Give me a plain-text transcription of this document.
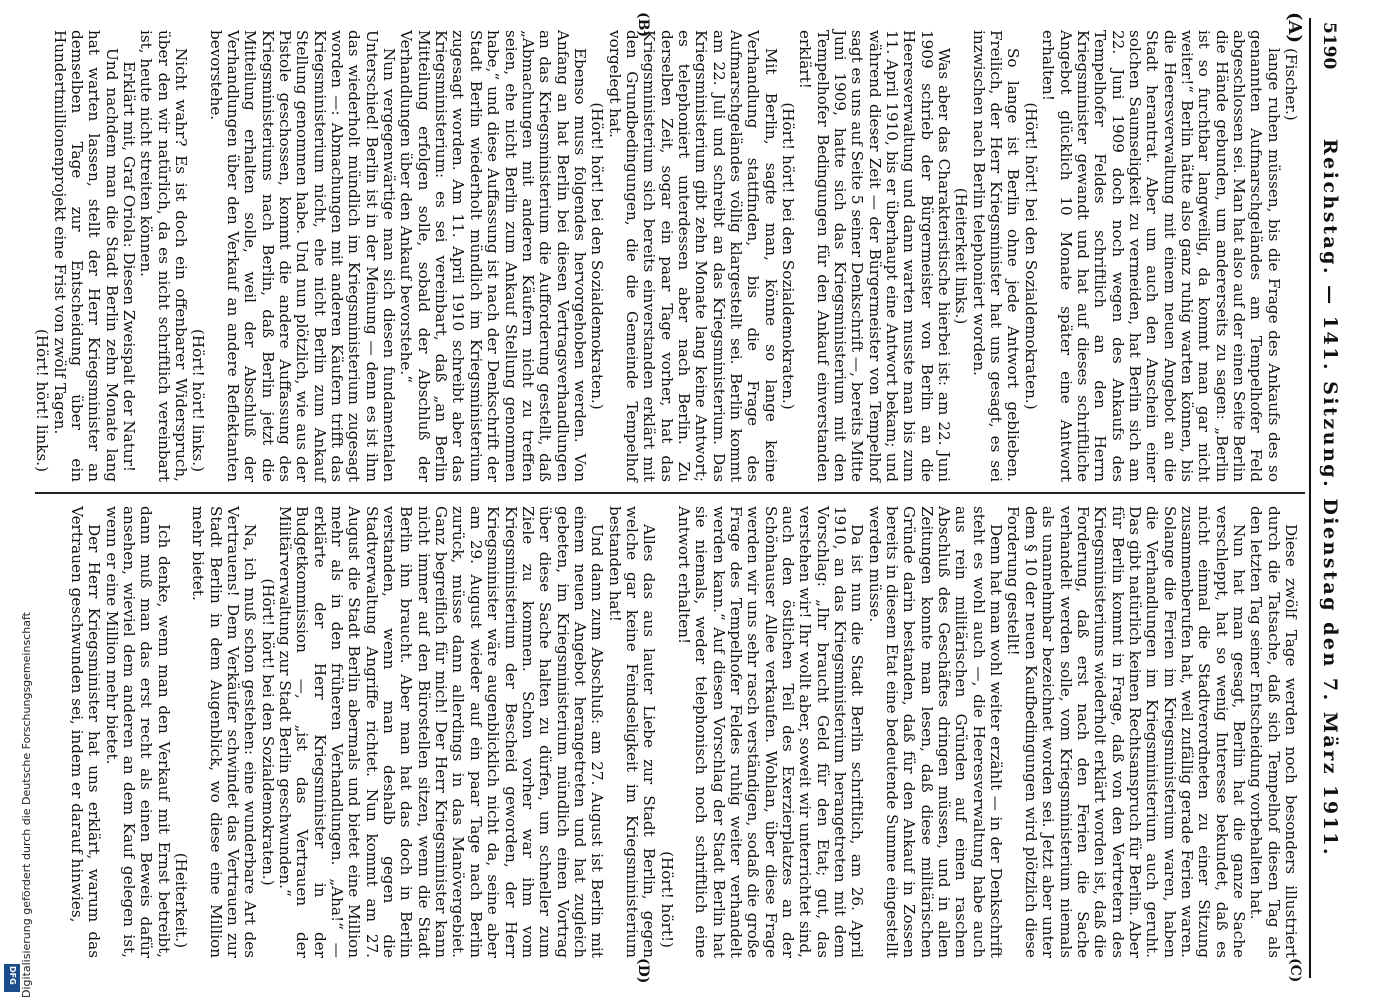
Digitalisierung gefördert durch die Deutsche Forschungsgemeinschaft
DFG
5190
Reichstag. — 141. Sitzung. Dienstag den 7. März 1911.
(A)
(B)
(C)
(D)

(Fischer.)

lange ruhen müssen, bis die Frage des Ankaufs des so genannten Aufmarschgeländes am Tempelhofer Feld abgeschlossen sei. Man hat also auf der einen Seite Berlin die Hände gebunden, um andererseits zu sagen: „Berlin ist so furchtbar langweilig, da kommt man gar nicht weiter!“ Berlin hätte also ganz ruhig warten können, bis die Heeresverwaltung mit einem neuen Angebot an die Stadt herantrat. Aber um auch den Anschein einer solchen Saumseligkeit zu vermeiden, hat Berlin sich am 22. Juni 1909 doch noch wegen des Ankaufs des Tempelhofer Feldes schriftlich an den Herrn Kriegsminister gewandt und hat auf dieses schriftliche Angebot glücklich 10 Monate später eine Antwort erhalten!

(Hört! hört! bei den Sozialdemokraten.)

So lange ist Berlin ohne jede Antwort geblieben. Freilich, der Herr Kriegsminister hat uns gesagt, es sei inzwischen nach Berlin telephoniert worden.

(Heiterkeit links.)

Was aber das Charakteristische hierbei ist: am 22. Juni 1909 schrieb der Bürgermeister von Berlin an die Heeresverwaltung und dann warten musste man bis zum 11. April 1910, bis er überhaupt eine Antwort bekam; und während dieser Zeit — der Bürgermeister von Tempelhof sagt es uns auf Seite 5 seiner Denkschrift —, bereits Mitte Juni 1909, hatte sich das Kriegsministerium mit den Tempelhofer Bedingungen für den Ankauf einverstanden erklärt!

(Hört! hört! bei den Sozialdemokraten.)

Mit Berlin, sagte man, könne so lange keine Verhandlung stattfinden, bis die Frage des Aufmarschgeländes völlig klargestellt sei. Berlin kommt am 22. Juli und schreibt an das Kriegsministerium. Das Kriegsministerium gibt zehn Monate lang keine Antwort; es telephoniert unterdessen aber nach Berlin. Zu derselben Zeit, sogar ein paar Tage vorher, hat das Kriegsministerium sich bereits einverstanden erklärt mit den Grundbedingungen, die die Gemeinde Tempelhof vorgelegt hat.

(Hört! hört! bei den Sozialdemokraten.)

Ebenso muss folgendes hervorgehoben werden. Von Anfang an hat Berlin bei diesen Vertragsverhandlungen an das Kriegsministerium die Aufforderung gestellt, daß „Abmachungen mit anderen Käufern nicht zu treffen seien, ehe nicht Berlin zum Ankauf Stellung genommen habe,“ und diese Auffassung ist nach der Denkschrift der Stadt Berlin wiederholt mündlich im Kriegsministerium zugesagt worden. Am 11. April 1910 schreibt aber das Kriegsministerium: es sei vereinbart, daß „an Berlin Mitteilung erfolgen solle, sobald der Abschluß der Verhandlungen über den Ankauf bevorstehe.“

Nun vergegenwärtige man sich diesen fundamentalen Unterschied! Berlin ist in der Meinung — denn es ist ihm das wiederholt mündlich im Kriegsministerium zugesagt worden —: Abmachungen mit anderen Käufern trifft das Kriegsministerium nicht, ehe nicht Berlin zum Ankauf Stellung genommen habe. Und nun plötzlich, wie aus der Pistole geschossen, kommt die andere Auffassung des Kriegsministeriums nach Berlin, daß Berlin jetzt die Mitteilung erhalten solle, weil der Abschluß der Verhandlungen über den Verkauf an andere Reflektanten bevorstehe.

(Hört! hört! links.)

Nicht wahr? Es ist doch ein offenbarer Widerspruch, über den wir natürlich, da es nicht schriftlich vereinbart ist, heute nicht streiten können.

Erklärt mit, Graf Oriola: Diesen Zweispalt der Natur!

Und nachdem man die Stadt Berlin zehn Monate lang hat warten lassen, stellt der Herr Kriegsminister an demselben Tage zur Entscheidung über ein Hundertmillionenprojekt eine Frist von zwölf Tagen.

(Hört! hört! links.)

Diese zwölf Tage werden noch besonders illustriert durch die Tatsache, daß sich Tempelhof diesen Tag als den letzten Tag seiner Entscheidung vorbehalten hat.

Nun hat man gesagt, Berlin hat die ganze Sache verschleppt, hat so wenig Interesse bekundet, daß es nicht einmal die Stadtverordneten zu einer Sitzung zusammenberufen hat, weil zufällig gerade Ferien waren. Solange die Ferien im Kriegsministerium waren, haben die Verhandlungen im Kriegsministerium auch geruht. Das gibt natürlich keinen Rechtsanspruch für Berlin. Aber für Berlin kommt in Frage, daß von den Vertretern des Kriegsministeriums wiederholt erklärt worden ist, daß die Forderung, daß erst nach den Ferien die Sache verhandelt werden solle, vom Kriegsministerium niemals als unannehmbar bezeichnet worden sei. Jetzt aber unter dem § 10 der neuen Kaufbedingungen wird plötzlich diese Forderung gestellt!

Denn hat man wohl weiter erzählt — in der Denkschrift steht es wohl auch —, die Heeresverwaltung habe auch aus rein militärischen Gründen auf einen raschen Abschluß des Geschäftes dringen müssen, und in allen Zeitungen konnte man lesen, daß diese militärischen Gründe darin bestanden, daß für den Ankauf in Zossen bereits in diesem Etat eine bedeutende Summe eingestellt werden müsse.

Da ist nun die Stadt Berlin schriftlich, am 26. April 1910, an das Kriegsministerium herangetreten mit dem Vorschlag: „Ihr braucht Geld für den Etat; gut, das verstehen wir! Ihr wollt aber, soweit wir unterrichtet sind, auch den östlichen Teil des Exerzierplatzes an der Schönhauser Allee verkaufen. Wohlan, über diese Frage werden wir uns sehr rasch verständigen, sodaß die große Frage des Tempelhofer Feldes ruhig weiter verhandelt werden kann.“ Auf diesen Vorschlag der Stadt Berlin hat sie niemals, weder telephonisch noch schriftlich eine Antwort erhalten!

(Hört! hört!)

Alles das aus lauter Liebe zur Stadt Berlin, gegen welche gar keine Feindseligkeit im Kriegsministerium bestanden hat!

Und dann zum Abschluß: am 27. August ist Berlin mit einem neuen Angebot herangetreten und hat zugleich gebeten, im Kriegsministerium mündlich einen Vortrag über diese Sache halten zu dürfen, um schneller zum Ziele zu kommen. Schon vorher war ihm vom Kriegsministerium der Bescheid geworden, der Herr Kriegsminister wäre augenblicklich nicht da, seine aber am 29. August wieder auf ein paar Tage nach Berlin zurück, müsse dann allerdings in das Manövergebiet. Ganz begreiflich für mich! Der Herr Kriegsminister kann nicht immer auf den Bürostellen sitzen, wenn die Stadt Berlin ihn braucht. Aber man hat das doch in Berlin verstanden, wenn man deshalb gegen die Stadtverwaltung Angriffe richtet. Nun kommt am 27. August die Stadt Berlin abermals und bietet eine Million mehr als in den früheren Verhandlungen. „Aha!“ — erklärte der Herr Kriegsminister in der Budgetkommission —, „ist das Vertrauen der Militärverwaltung zur Stadt Berlin geschwunden.“

(Hört! hört! bei den Sozialdemokraten.)

Na, ich muß schon gestehen: eine wunderbare Art des Vertrauens! Dem Verkäufer schwindet das Vertrauen zur Stadt Berlin in dem Augenblick, wo diese eine Million mehr bietet.

(Heiterkeit.)

Ich denke, wenn man den Verkauf mit Ernst betreibt, dann muß man das erst recht als einen Beweis dafür ansehen, wieviel dem anderen an dem Kauf gelegen ist, wenn er eine Million mehr bietet.

Der Herr Kriegsminister hat uns erklärt, warum das Vertrauen geschwunden sei, indem er darauf hinwies,
